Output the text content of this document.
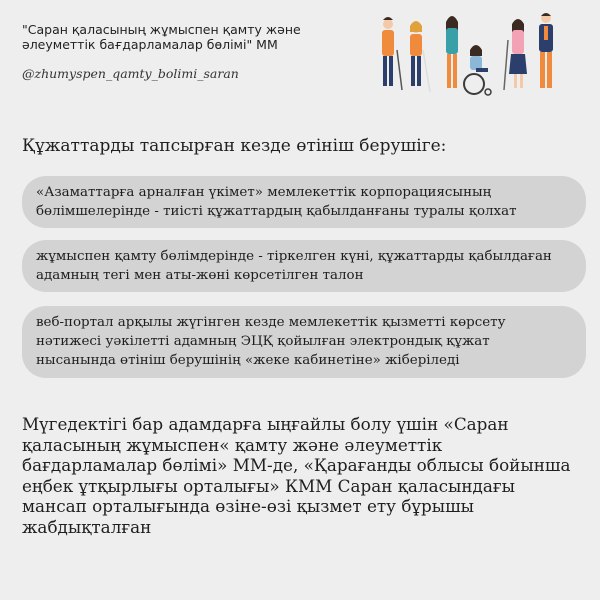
"Саран қаласының жұмыспен қамту және әлеуметтік бағдарламалар бөлімі" ММ
@zhumyspen_qamty_bolimi_saran
Құжаттарды тапсырған кезде өтініш берушіге:
«Азаматтарға арналған үкімет» мемлекеттік корпорациясының бөлімшелерінде - тиісті құжаттардың қабылданғаны туралы қолхат
жұмыспен қамту бөлімдерінде - тіркелген күні, құжаттарды қабылдаған адамның тегі мен аты-жөні көрсетілген талон
веб-портал арқылы жүгінген кезде мемлекеттік қызметті көрсету нәтижесі уәкілетті адамның ЭЦҚ қойылған электрондық құжат нысанында өтініш берушінің «жеке кабинетіне» жіберіледі
Мүгедектігі бар адамдарға ыңғайлы болу үшін «Саран қаласының жұмыспен« қамту және әлеуметтік бағдарламалар бөлімі» ММ-де, «Қарағанды облысы бойынша еңбек ұтқырлығы орталығы» КММ Саран қаласындағы мансап орталығында өзіне-өзі қызмет ету бұрышы жабдықталған
